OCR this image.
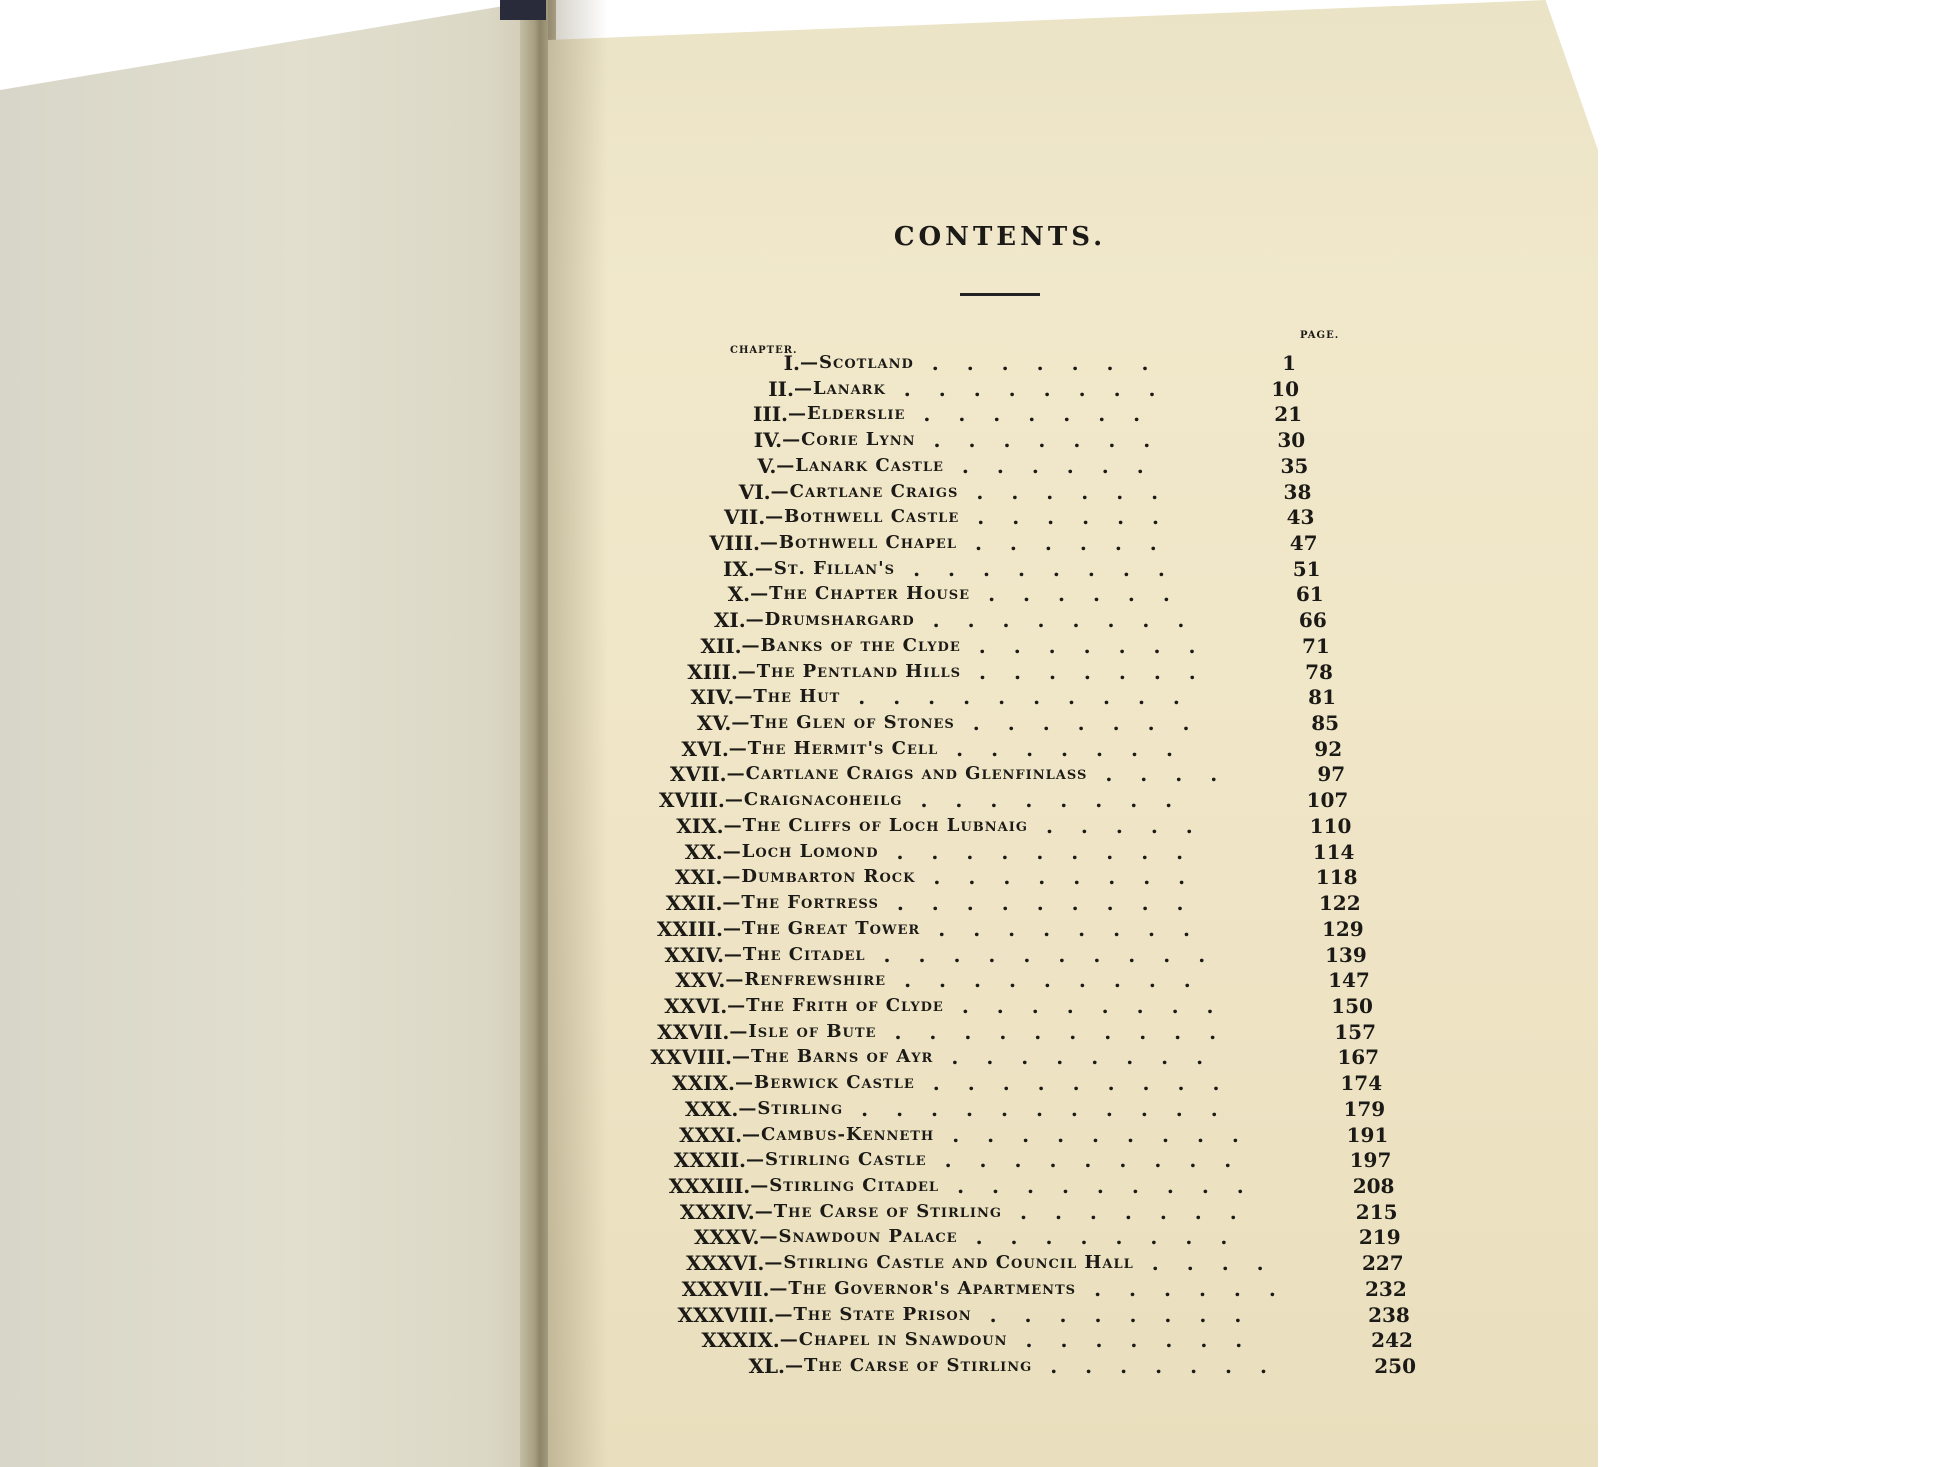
CONTENTS.
CHAPTER.
PAGE.
I. —Scotland .......	1
II. —Lanark ........	10
III. —Elderslie .......	21
IV. —Corie Lynn .......	30
V. —Lanark Castle ......	35
VI. —Cartlane Craigs ......	38
VII. —Bothwell Castle ......	43
VIII. —Bothwell Chapel ......	47
IX. —St. Fillan's ........	51
X. —The Chapter House ......	61
XI. —Drumshargard ........	66
XII. —Banks of the Clyde .......	71
XIII. —The Pentland Hills .......	78
XIV. —The Hut ..........	81
XV. —The Glen of Stones .......	85
XVI. —The Hermit's Cell .......	92
XVII. —Cartlane Craigs and Glenfinlass ....	97
XVIII. —Craignacoheilg ........	107
XIX. —The Cliffs of Loch Lubnaig .....	110
XX. —Loch Lomond .........	114
XXI. —Dumbarton Rock ........	118
XXII. —The Fortress .........	122
XXIII. —The Great Tower ........	129
XXIV. —The Citadel ..........	139
XXV. —Renfrewshire .........	147
XXVI. —The Frith of Clyde ........	150
XXVII. —Isle of Bute ..........	157
XXVIII. —The Barns of Ayr ........	167
XXIX. —Berwick Castle .........	174
XXX. —Stirling ...........	179
XXXI. —Cambus-Kenneth .........	191
XXXII. —Stirling Castle .........	197
XXXIII. —Stirling Citadel .........	208
XXXIV. —The Carse of Stirling .......	215
XXXV. —Snawdoun Palace ........	219
XXXVI. —Stirling Castle and Council Hall ....	227
XXXVII. —The Governor's Apartments ......	232
XXXVIII. —The State Prison ........	238
XXXIX. —Chapel in Snawdoun .......	242
XL. —The Carse of Stirling .......	250
